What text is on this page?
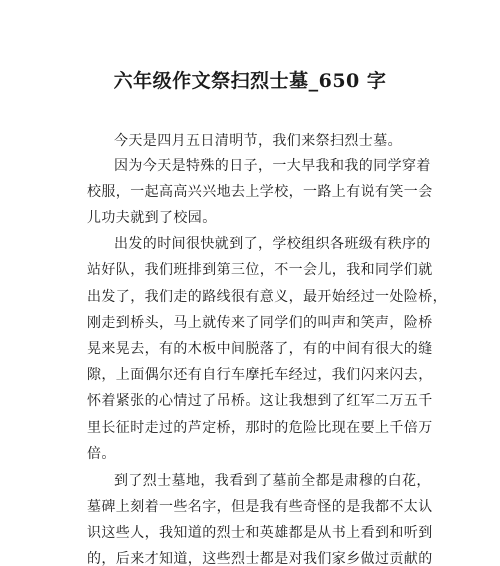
六年级作文祭扫烈士墓_650 字
今天是四月五日清明节，我们来祭扫烈士墓。
因为今天是特殊的日子，一大早我和我的同学穿着
校服，一起高高兴兴地去上学校，一路上有说有笑一会
儿功夫就到了校园。
出发的时间很快就到了，学校组织各班级有秩序的
站好队，我们班排到第三位，不一会儿，我和同学们就
出发了，我们走的路线很有意义，最开始经过一处险桥，
刚走到桥头，马上就传来了同学们的叫声和笑声，险桥
晃来晃去，有的木板中间脱落了，有的中间有很大的缝
隙，上面偶尔还有自行车摩托车经过，我们闪来闪去，
怀着紧张的心情过了吊桥。这让我想到了红军二万五千
里长征时走过的芦定桥，那时的危险比现在要上千倍万
倍。
到了烈士墓地，我看到了墓前全都是肃穆的白花，
墓碑上刻着一些名字，但是我有些奇怪的是我都不太认
识这些人，我知道的烈士和英雄都是从书上看到和听到
的，后来才知道，这些烈士都是对我们家乡做过贡献的
